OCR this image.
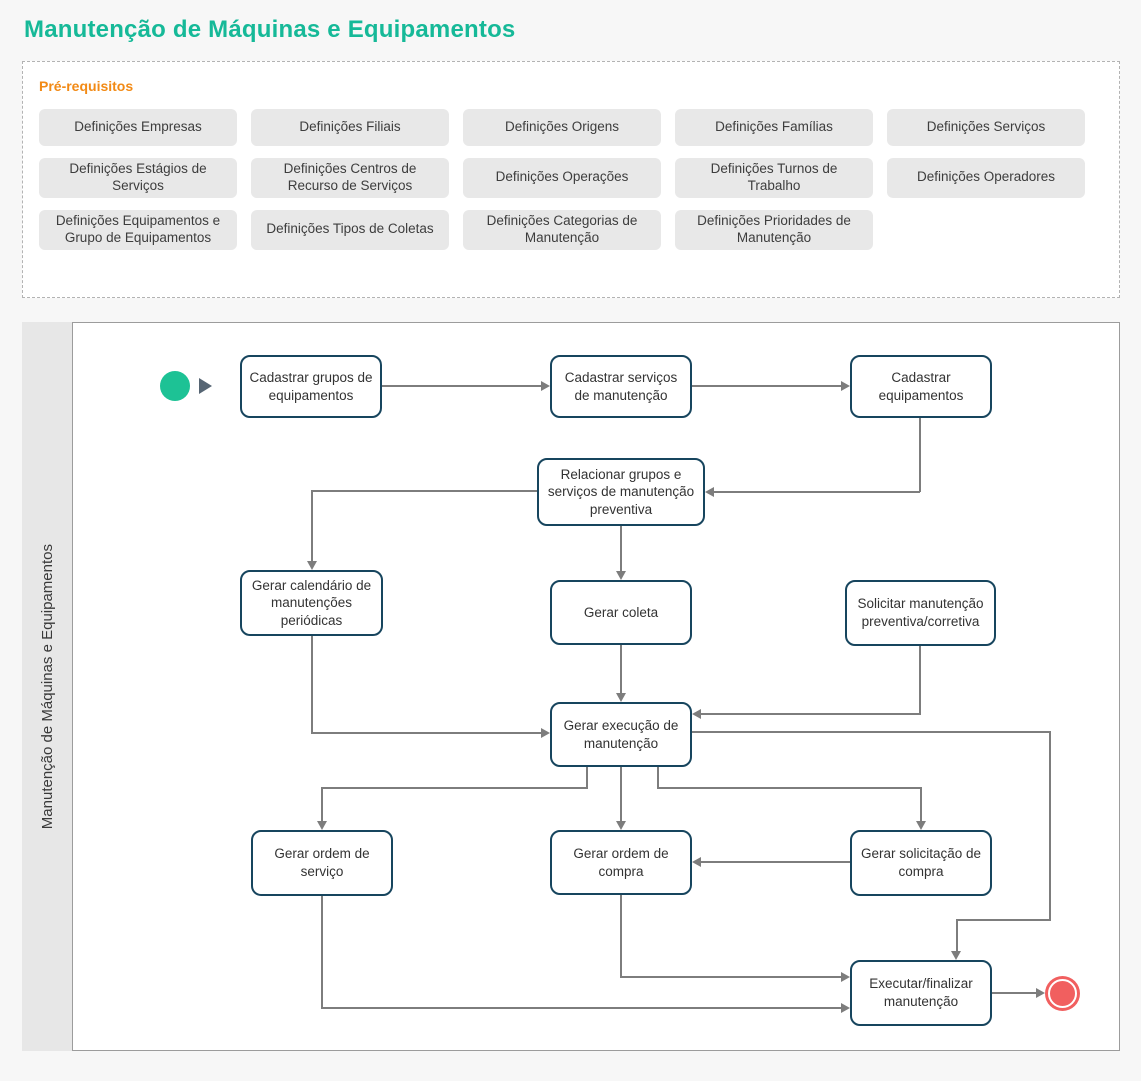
Manutenção de Máquinas e Equipamentos
Pré-requisitos
Definições Empresas	Definições Filiais	Definições Origens	Definições Famílias	Definições Serviços
Definições Estágios de Serviços
Definições Centros de Recurso de Serviços
Definições Operações
Definições Turnos de Trabalho
Definições Operadores
Definições Equipamentos e Grupo de Equipamentos
Definições Tipos de Coletas
Definições Categorias de Manutenção
Definições Prioridades de Manutenção
Manutenção de Máquinas e Equipamentos
Cadastrar grupos de equipamentos
Cadastrar serviços de manutenção
Cadastrar equipamentos
Relacionar grupos e serviços de manutenção preventiva
Gerar calendário de manutenções periódicas
Gerar coleta
Solicitar manutenção preventiva/corretiva
Gerar execução de manutenção
Gerar ordem de serviço
Gerar ordem de compra
Gerar solicitação de compra
Executar/finalizar manutenção
